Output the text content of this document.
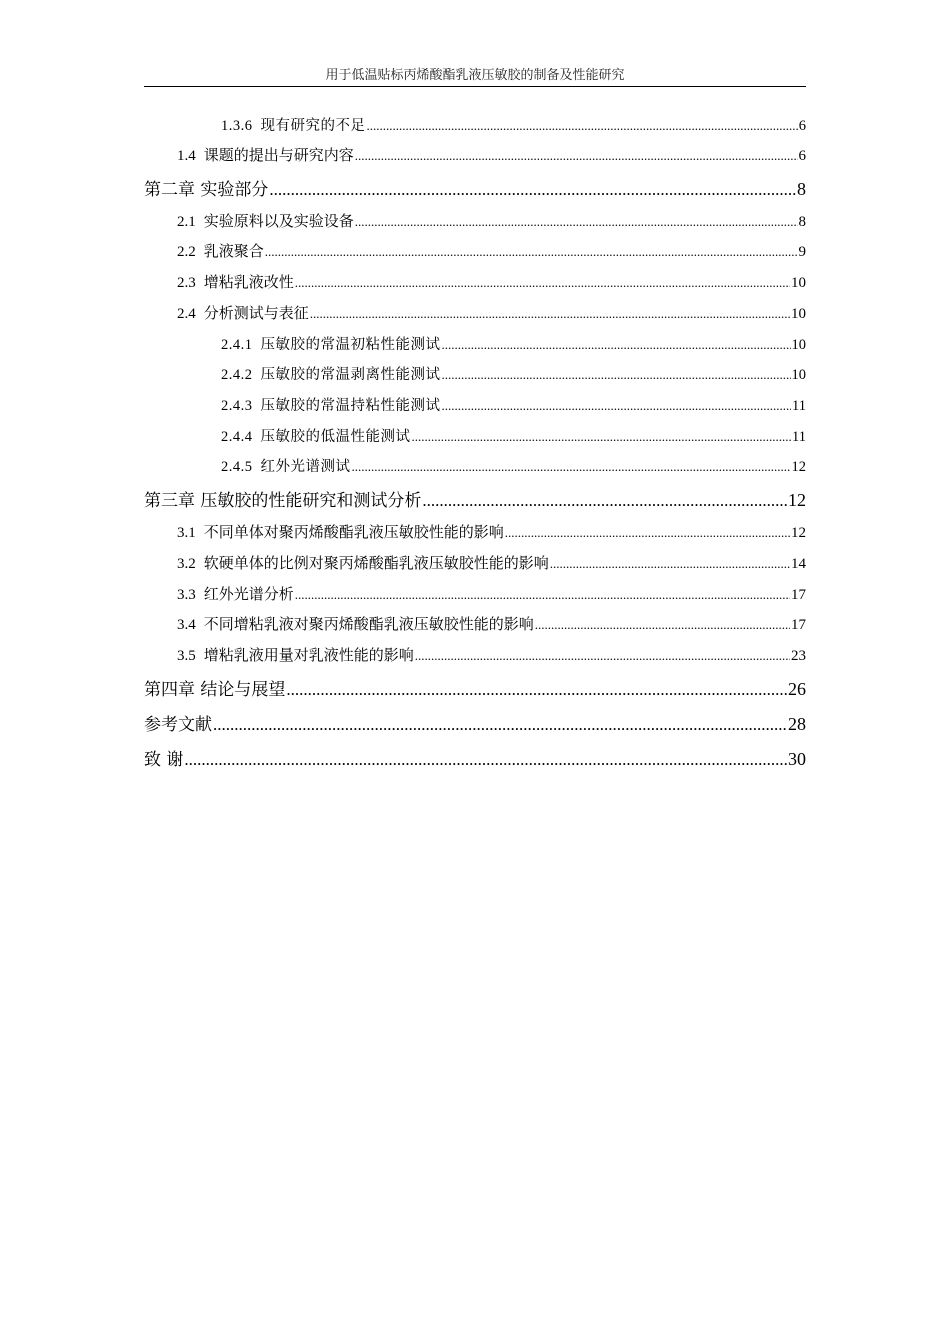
用于低温贴标丙烯酸酯乳液压敏胶的制备及性能研究
1.3.6 现有研究的不足 .....	6
1.4 课题的提出与研究内容 .....	6
第二章 实验部分 .....	8
2.1 实验原料以及实验设备 .....	8
2.2 乳液聚合 .....	9
2.3 增粘乳液改性 .....	10
2.4 分析测试与表征 .....	10
2.4.1 压敏胶的常温初粘性能测试 .....	10
2.4.2 压敏胶的常温剥离性能测试 .....	10
2.4.3 压敏胶的常温持粘性能测试 .....	11
2.4.4 压敏胶的低温性能测试 .....	11
2.4.5 红外光谱测试 .....	12
第三章 压敏胶的性能研究和测试分析 .....	12
3.1 不同单体对聚丙烯酸酯乳液压敏胶性能的影响 .....	12
3.2 软硬单体的比例对聚丙烯酸酯乳液压敏胶性能的影响 .....	14
3.3 红外光谱分析 .....	17
3.4 不同增粘乳液对聚丙烯酸酯乳液压敏胶性能的影响 .....	17
3.5 增粘乳液用量对乳液性能的影响 .....	23
第四章 结论与展望 .....	26
参考文献 .....	28
致 谢 .....	30
